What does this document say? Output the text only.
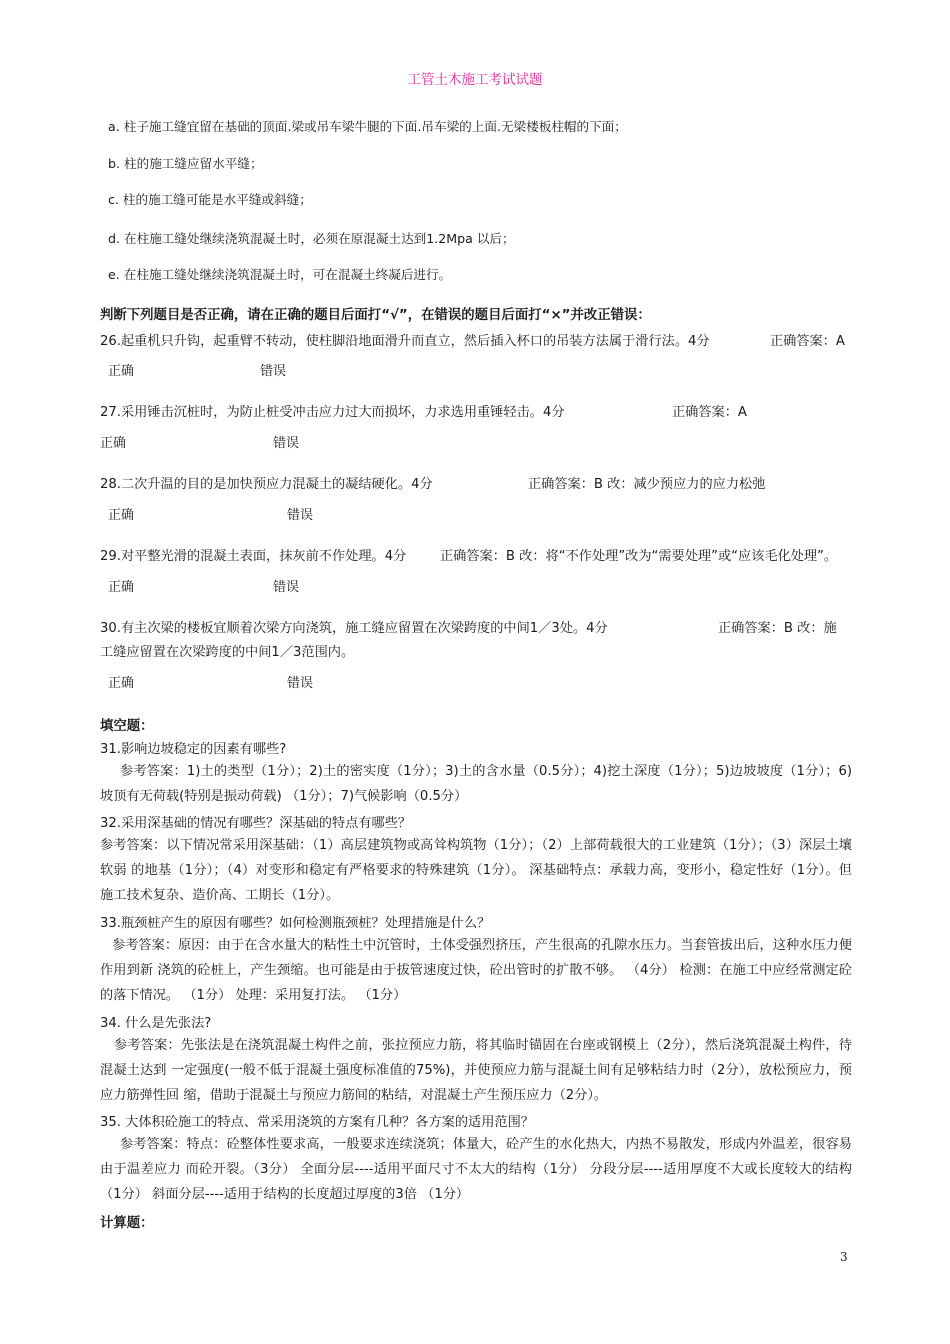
工管土木施工考试试题
a. 柱子施工缝宜留在基础的顶面.梁或吊车梁牛腿的下面.吊车梁的上面.无梁楼板柱帽的下面；
b. 柱的施工缝应留水平缝；
c. 柱的施工缝可能是水平缝或斜缝；
d. 在柱施工缝处继续浇筑混凝土时，必须在原混凝土达到1.2Mpa 以后；
e. 在柱施工缝处继续浇筑混凝土时，可在混凝土终凝后进行。
判断下列题目是否正确，请在正确的题目后面打“√”，在错误的题目后面打“×”并改正错误：
26.起重机只升钩，起重臂不转动，使柱脚沿地面滑升而直立，然后插入杯口的吊装方法属于滑行法。4分	正确答案：A
正确	错误
27.采用锤击沉桩时，为防止桩受冲击应力过大而损坏，力求选用重锤轻击。4分	正确答案：A
正确	错误
28.二次升温的目的是加快预应力混凝土的凝结硬化。4分	正确答案：B 改：减少预应力的应力松弛
正确	错误
29.对平整光滑的混凝土表面，抹灰前不作处理。4分	正确答案：B 改：将“不作处理”改为“需要处理”或“应该毛化处理”。
正确	错误
30.有主次梁的楼板宜顺着次梁方向浇筑，施工缝应留置在次梁跨度的中间1／3处。4分	正确答案：B 改：施
工缝应留置在次梁跨度的中间1／3范围内。
正确	错误
填空题：
31.影响边坡稳定的因素有哪些?
参考答案：1)土的类型（1分）；2)土的密实度（1分）；3)土的含水量（0.5分）；4)挖土深度（1分）；5)边坡坡度（1分）；6)坡顶有无荷载(特别是振动荷载) （1分）；7)气候影响（0.5分）
32.采用深基础的情况有哪些？深基础的特点有哪些？
参考答案：以下情况常采用深基础：（1）高层建筑物或高耸构筑物（1分）；（2）上部荷载很大的工业建筑（1分）；（3）深层土壤软弱 的地基（1分）；（4）对变形和稳定有严格要求的特殊建筑（1分）。 深基础特点：承载力高，变形小，稳定性好（1分）。但施工技术复杂、造价高、工期长（1分）。
33.瓶颈桩产生的原因有哪些？如何检测瓶颈桩？处理措施是什么？
参考答案：原因：由于在含水量大的粘性土中沉管时，土体受强烈挤压，产生很高的孔隙水压力。当套管拔出后，这种水压力便作用到新 浇筑的砼桩上，产生颈缩。也可能是由于拔管速度过快，砼出管时的扩散不够。 （4分） 检测：在施工中应经常测定砼的落下情况。 （1分） 处理：采用复打法。 （1分）
34. 什么是先张法?
参考答案：先张法是在浇筑混凝土构件之前，张拉预应力筋，将其临时锚固在台座或钢模上（2分），然后浇筑混凝土构件，待混凝土达到 一定强度(一般不低于混凝土强度标准值的75%)，并使预应力筋与混凝土间有足够粘结力时（2分），放松预应力，预应力筋弹性回 缩，借助于混凝土与预应力筋间的粘结，对混凝土产生预压应力（2分）。
35. 大体积砼施工的特点、常采用浇筑的方案有几种？各方案的适用范围？
参考答案：特点：砼整体性要求高，一般要求连续浇筑；体量大，砼产生的水化热大，内热不易散发，形成内外温差，很容易由于温差应力 而砼开裂。（3分） 全面分层----适用平面尺寸不太大的结构（1分） 分段分层----适用厚度不大或长度较大的结构（1分） 斜面分层----适用于结构的长度超过厚度的3倍 （1分）
计算题：
3
